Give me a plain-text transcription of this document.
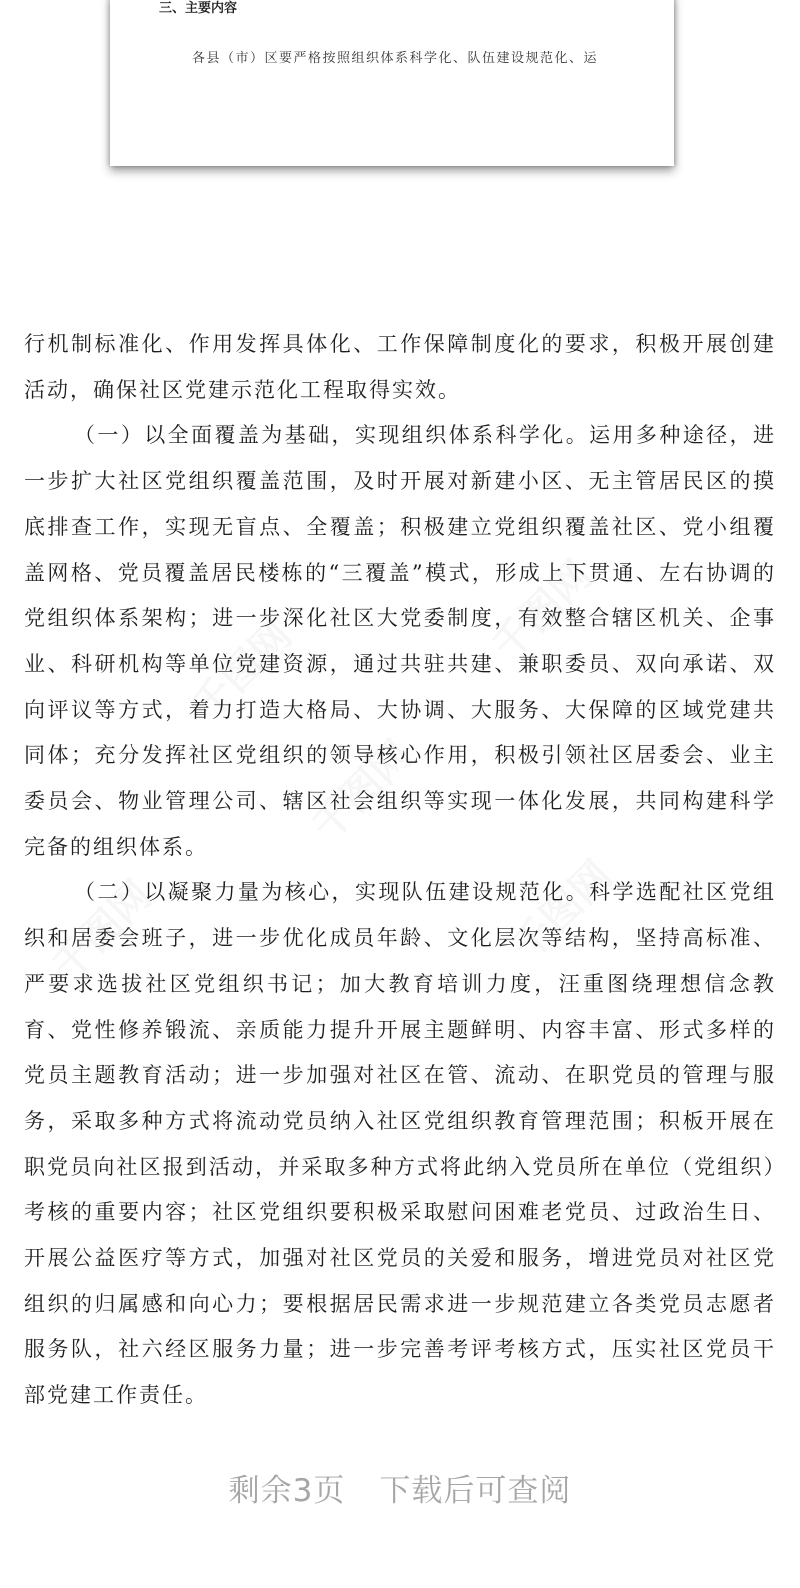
三、主要内容
各县（市）区要严格按照组织体系科学化、队伍建设规范化、运

行机制标准化、作用发挥具体化、工作保障制度化的要求，积极开展创建活动，确保社区党建示范化工程取得实效。

（一）以全面覆盖为基础，实现组织体系科学化。运用多种途径，进一步扩大社区党组织覆盖范围，及时开展对新建小区、无主管居民区的摸底排查工作，实现无盲点、全覆盖；积极建立党组织覆盖社区、党小组覆盖网格、党员覆盖居民楼栋的“三覆盖”模式，形成上下贯通、左右协调的党组织体系架构；进一步深化社区大党委制度，有效整合辖区机关、企事业、科研机构等单位党建资源，通过共驻共建、兼职委员、双向承诺、双向评议等方式，着力打造大格局、大协调、大服务、大保障的区域党建共同体；充分发挥社区党组织的领导核心作用，积极引领社区居委会、业主委员会、物业管理公司、辖区社会组织等实现一体化发展，共同构建科学完备的组织体系。

（二）以凝聚力量为核心，实现队伍建设规范化。科学选配社区党组织和居委会班子，进一步优化成员年龄、文化层次等结构，坚持高标准、严要求选拔社区党组织书记；加大教育培训力度，汪重图绕理想信念教育、党性修养锻流、亲质能力提升开展主题鲜明、内容丰富、形式多样的党员主题教育活动；进一步加强对社区在管、流动、在职党员的管理与服务，采取多种方式将流动党员纳入社区党组织教育管理范围；积板开展在职党员向社区报到活动，并采取多种方式将此纳入党员所在单位（党组织）考核的重要内容；社区党组织要积极采取慰问困难老党员、过政治生日、开展公益医疗等方式，加强对社区党员的关爱和服务，增进党员对社区党组织的归属感和向心力；要根据居民需求进一步规范建立各类党员志愿者服务队，社六经区服务力量；进一步完善考评考核方式，压实社区党员干部党建工作责任。

剩余3页 下载后可查阅
